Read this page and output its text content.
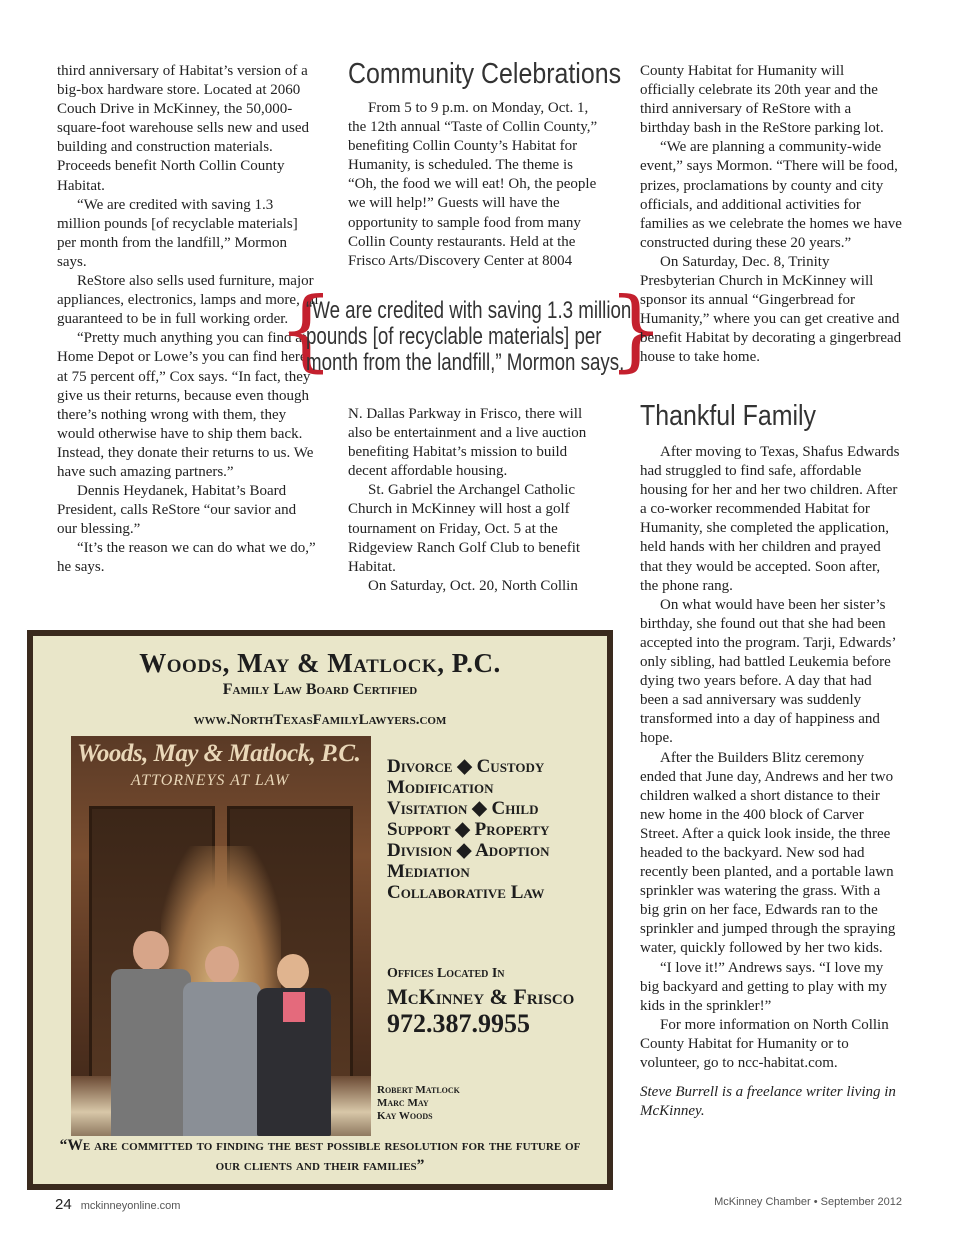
third anniversary of Habitat’s version of a big-box hardware store. Located at 2060 Couch Drive in McKinney, the 50,000-square-foot warehouse sells new and used building and construction materials. Proceeds benefit North Collin County Habitat.

“We are credited with saving 1.3 million pounds [of recyclable materials] per month from the landfill,” Mormon says.

ReStore also sells used furniture, major appliances, electronics, lamps and more, all guaranteed to be in full working order.

“Pretty much anything you can find at Home Depot or Lowe’s you can find here, at 75 percent off,” Cox says. “In fact, they give us their returns, because even though there’s nothing wrong with them, they would otherwise have to ship them back. Instead, they donate their returns to us. We have such amazing partners.”

Dennis Heydanek, Habitat’s Board President, calls ReStore “our savior and our blessing.”

“It’s the reason we can do what we do,” he says.

Community Celebrations

From 5 to 9 p.m. on Monday, Oct. 1, the 12th annual “Taste of Collin County,” benefiting Collin County’s Habitat for Humanity, is scheduled. The theme is “Oh, the food we will eat! Oh, the people we will help!” Guests will have the opportunity to sample food from many Collin County restaurants. Held at the Frisco Arts/Discovery Center at 8004

{
“We are credited with saving 1.3 million pounds [of recyclable materials] per month from the landfill,” Mormon says.
}

N. Dallas Parkway in Frisco, there will also be entertainment and a live auction benefiting Habitat’s mission to build decent affordable housing.

St. Gabriel the Archangel Catholic Church in McKinney will host a golf tournament on Friday, Oct. 5 at the Ridgeview Ranch Golf Club to benefit Habitat.

On Saturday, Oct. 20, North Collin

County Habitat for Humanity will officially celebrate its 20th year and the third anniversary of ReStore with a birthday bash in the ReStore parking lot.

“We are planning a community-wide event,” says Mormon. “There will be food, prizes, proclamations by county and city officials, and additional activities for families as we celebrate the homes we have constructed during these 20 years.”

On Saturday, Dec. 8, Trinity Presbyterian Church in McKinney will sponsor its annual “Gingerbread for Humanity,” where you can get creative and benefit Habitat by decorating a gingerbread house to take home.

Thankful Family

After moving to Texas, Shafus Edwards had struggled to find safe, affordable housing for her and her two children. After a co-worker recommended Habitat for Humanity, she completed the application, held hands with her children and prayed that they would be accepted. Soon after, the phone rang.

On what would have been her sister’s birthday, she found out that she had been accepted into the program. Tarji, Edwards’ only sibling, had battled Leukemia before dying two years before. A day that had been a sad anniversary was suddenly transformed into a day of happiness and hope.

After the Builders Blitz ceremony ended that June day, Andrews and her two children walked a short distance to their new home in the 400 block of Carver Street. After a quick look inside, the three headed to the backyard. New sod had recently been planted, and a portable lawn sprinkler was watering the grass. With a big grin on her face, Edwards ran to the sprinkler and jumped through the spraying water, quickly followed by her two kids.

“I love it!” Andrews says. “I love my big backyard and getting to play with my kids in the sprinkler!”

For more information on North Collin County Habitat for Humanity or to volunteer, go to ncc-habitat.com.

Steve Burrell is a freelance writer living in McKinney.

Woods, May & Matlock, P.C.
Family Law Board Certified
www.NorthTexasFamilyLawyers.com
Woods, May & Matlock, P.C.
ATTORNEYS AT LAW
Divorce ◆ Custody
Modification
Visitation ◆ Child
Support ◆ Property
Division ◆ Adoption
Mediation
Collaborative Law
Offices Located In
McKinney & Frisco
972.387.9955
Robert Matlock
Marc May
Kay Woods
“We are committed to finding the best possible resolution for the future of our clients and their families”
24 mckinneyonline.com	McKinney Chamber • September 2012
